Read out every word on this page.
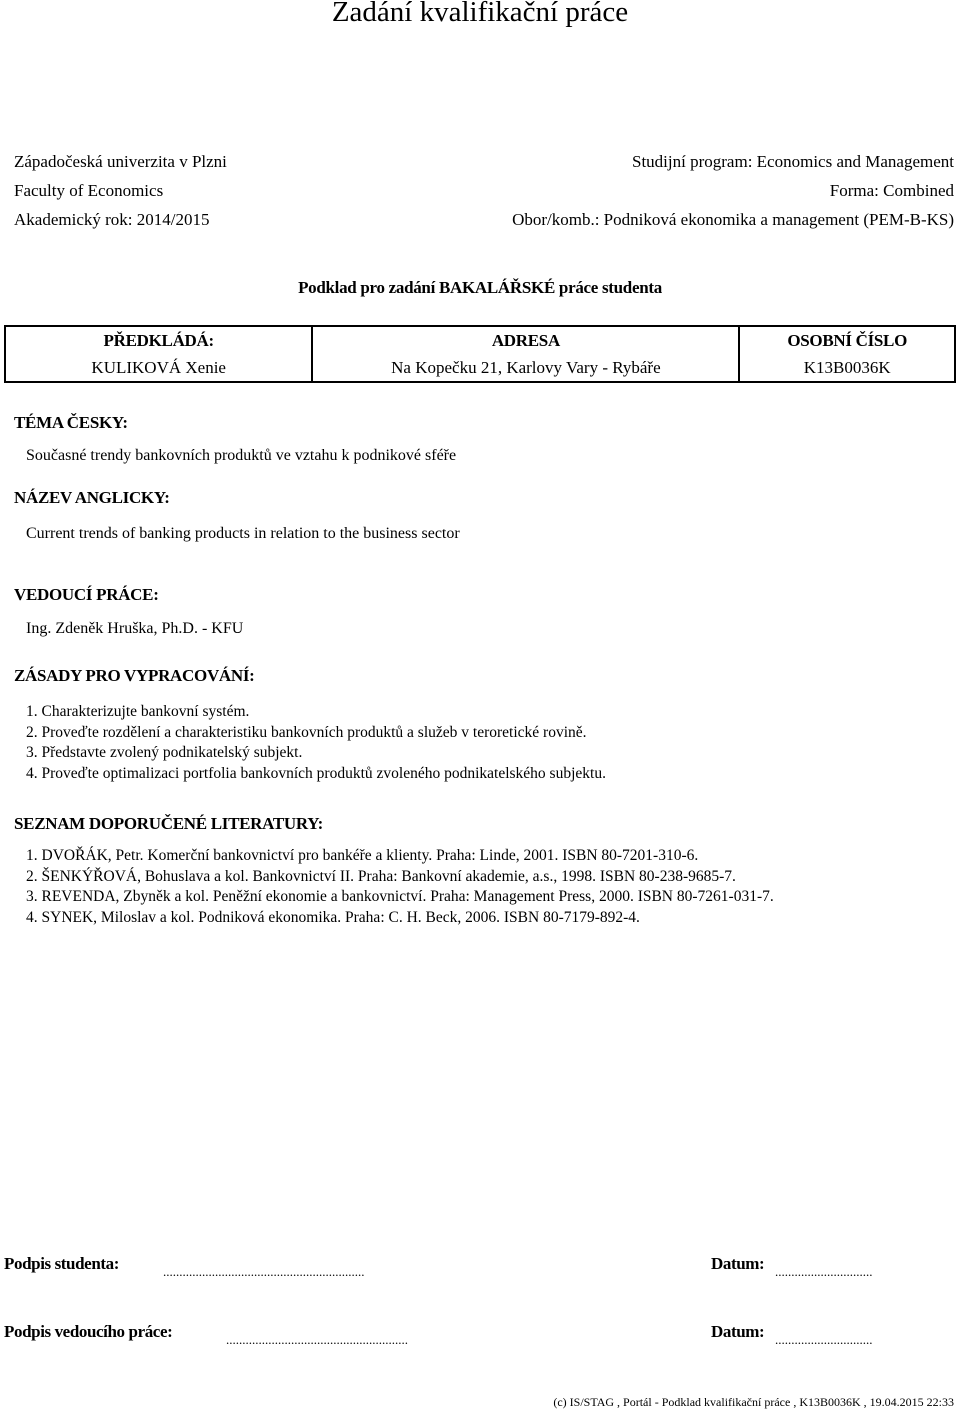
Zadání kvalifikační práce
Západočeská univerzita v Plzni
Faculty of Economics
Akademický rok: 2014/2015
Studijní program: Economics and Management
Forma: Combined
Obor/komb.: Podniková ekonomika a management (PEM-B-KS)
Podklad pro zadání BAKALÁŘSKÉ práce studenta
PŘEDKLÁDÁ:	ADRESA	OSOBNÍ ČÍSLO
KULIKOVÁ Xenie	Na Kopečku 21, Karlovy Vary - Rybáře	K13B0036K
TÉMA ČESKY:
Současné trendy bankovních produktů ve vztahu k podnikové sféře
NÁZEV ANGLICKY:
Current trends of banking products in relation to the business sector
VEDOUCÍ PRÁCE:
Ing. Zdeněk Hruška, Ph.D. - KFU
ZÁSADY PRO VYPRACOVÁNÍ:
1. Charakterizujte bankovní systém.
2. Proveďte rozdělení a charakteristiku bankovních produktů a služeb v teroretické rovině.
3. Představte zvolený podnikatelský subjekt.
4. Proveďte optimalizaci portfolia bankovních produktů zvoleného podnikatelského subjektu.
SEZNAM DOPORUČENÉ LITERATURY:
1. DVOŘÁK, Petr. Komerční bankovnictví pro bankéře a klienty. Praha: Linde, 2001. ISBN 80-7201-310-6.
2. ŠENKÝŘOVÁ, Bohuslava a kol. Bankovnictví II. Praha: Bankovní akademie, a.s., 1998. ISBN 80-238-9685-7.
3. REVENDA, Zbyněk a kol. Peněžní ekonomie a bankovnictví. Praha: Management Press, 2000. ISBN 80-7261-031-7.
4. SYNEK, Miloslav a kol. Podniková ekonomika. Praha: C. H. Beck, 2006. ISBN 80-7179-892-4.
Podpis studenta:	..............................................................	Datum: ..............................
Podpis vedoucího práce:	........................................................	Datum: ..............................
(c) IS/STAG , Portál - Podklad kvalifikační práce , K13B0036K , 19.04.2015 22:33
